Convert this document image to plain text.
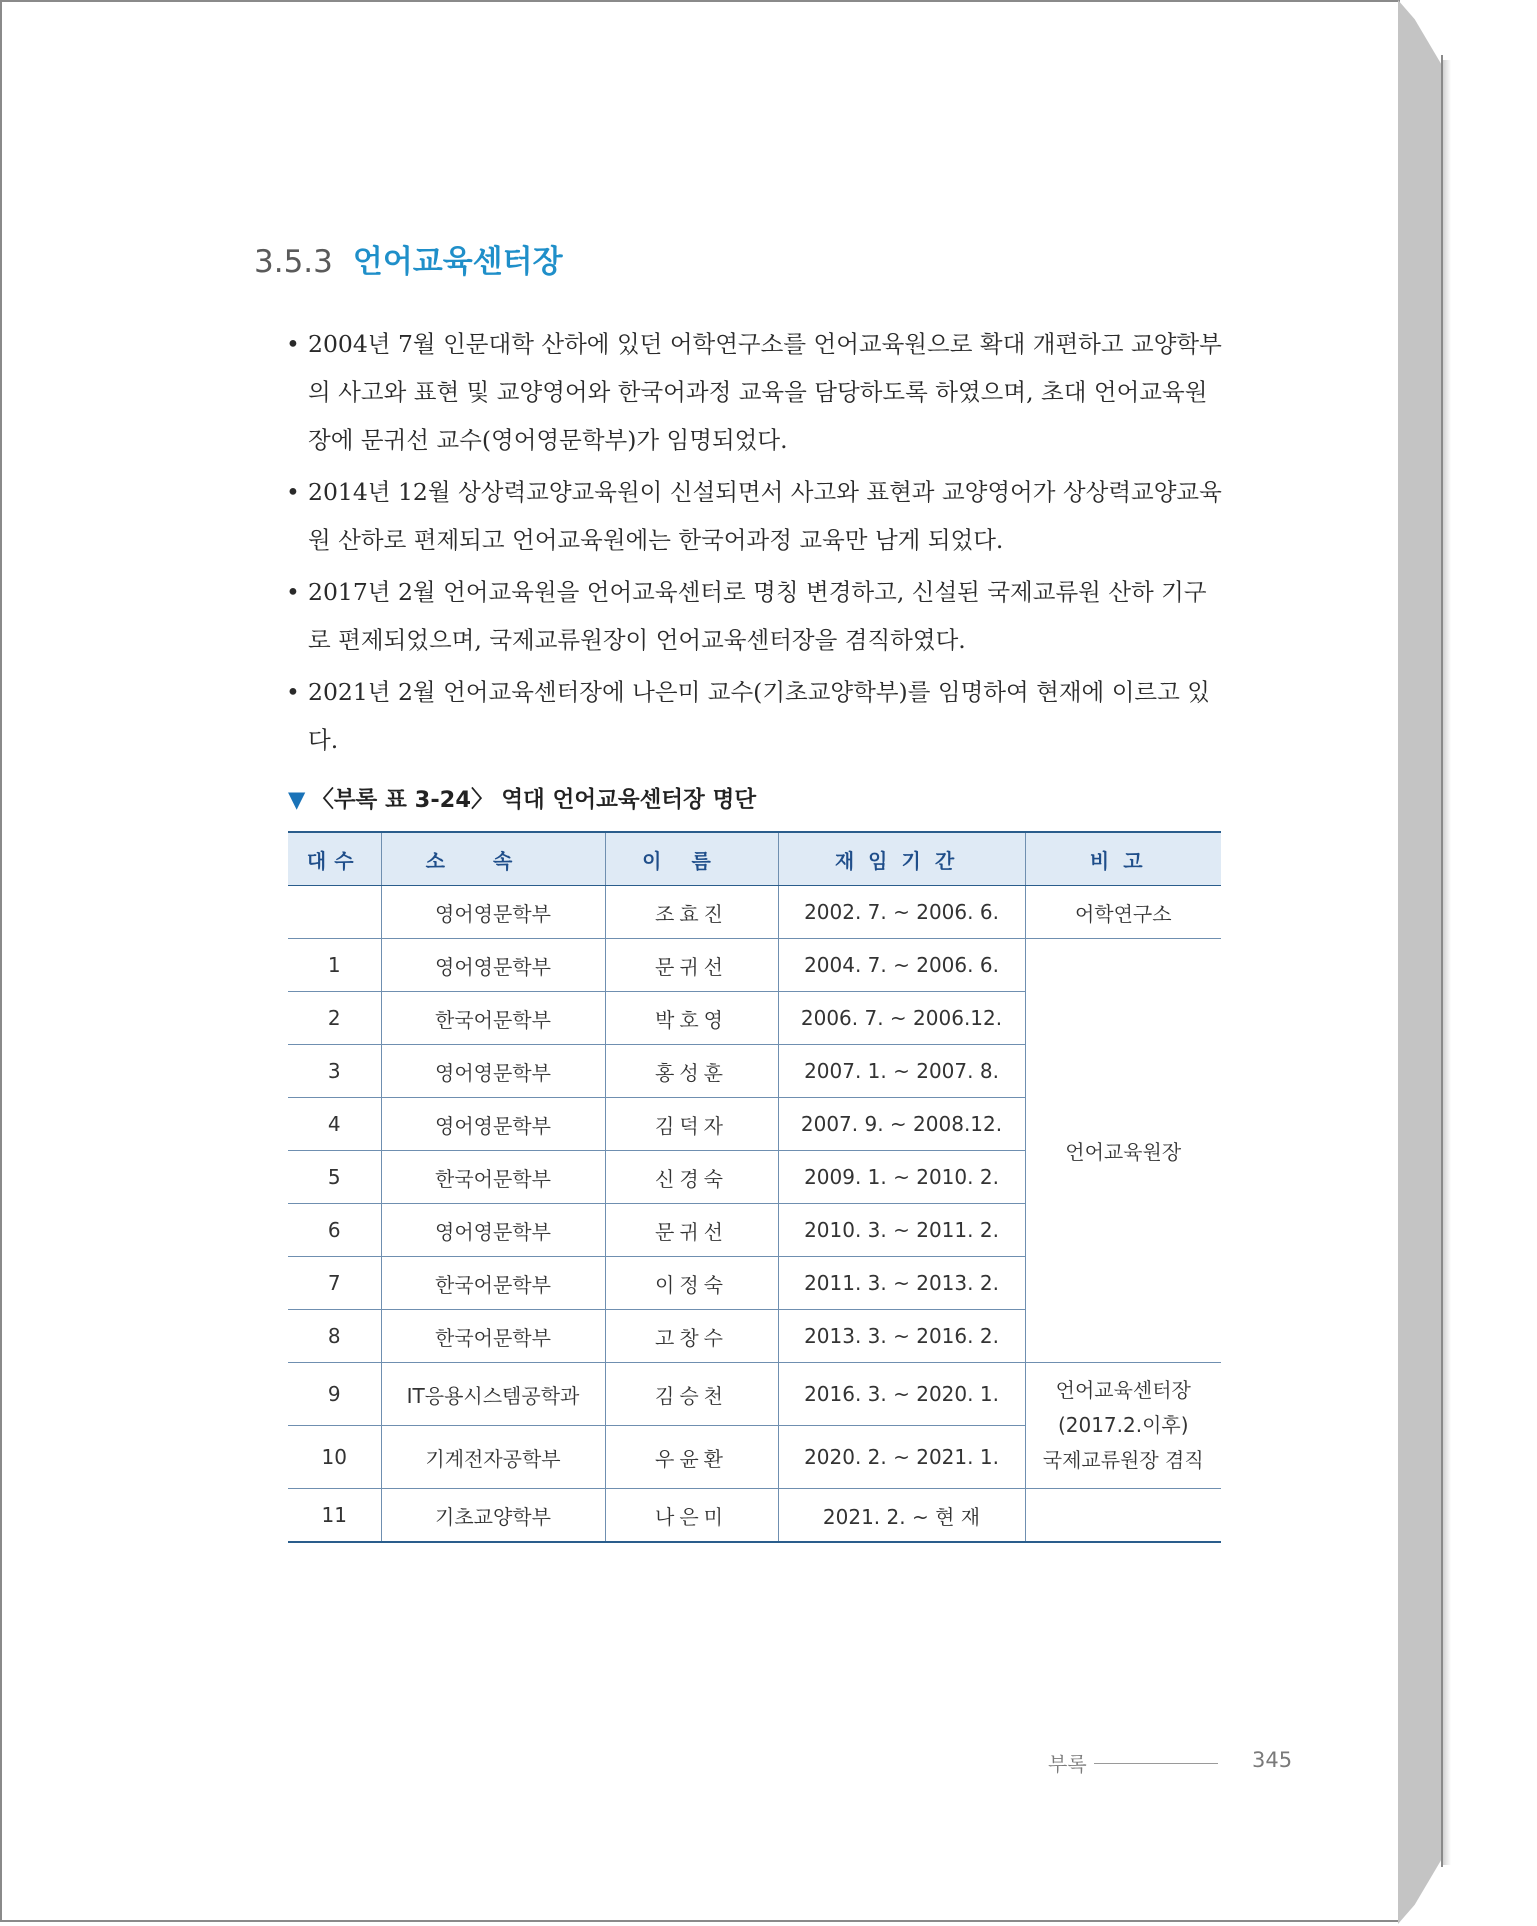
3.5.3 언어교육센터장
• 2004년 7월 인문대학 산하에 있던 어학연구소를 언어교육원으로 확대 개편하고 교양학부의 사고와 표현 및 교양영어와 한국어과정 교육을 담당하도록 하였으며, 초대 언어교육원장에 문귀선 교수(영어영문학부)가 임명되었다.
• 2014년 12월 상상력교양교육원이 신설되면서 사고와 표현과 교양영어가 상상력교양교육원 산하로 편제되고 언어교육원에는 한국어과정 교육만 남게 되었다.
• 2017년 2월 언어교육원을 언어교육센터로 명칭 변경하고, 신설된 국제교류원 산하 기구로 편제되었으며, 국제교류원장이 언어교육센터장을 겸직하였다.
• 2021년 2월 언어교육센터장에 나은미 교수(기초교양학부)를 임명하여 현재에 이르고 있다.
▼ 〈부록 표 3-24〉 역대 언어교육센터장 명단
대수	소속	이름	재임기간	비고
	영어영문학부	조효진	2002. 7. ~ 2006. 6.	어학연구소
1	영어영문학부	문귀선	2004. 7. ~ 2006. 6.	언어교육원장
2	한국어문학부	박호영	2006. 7. ~ 2006.12.	
3	영어영문학부	홍성훈	2007. 1. ~ 2007. 8.	
4	영어영문학부	김덕자	2007. 9. ~ 2008.12.	
5	한국어문학부	신경숙	2009. 1. ~ 2010. 2.	
6	영어영문학부	문귀선	2010. 3. ~ 2011. 2.	
7	한국어문학부	이정숙	2011. 3. ~ 2013. 2.	
8	한국어문학부	고창수	2013. 3. ~ 2016. 2.	
9	IT응용시스템공학과	김승천	2016. 3. ~ 2020. 1.	언어교육센터장
(2017.2.이후)
국제교류원장 겸직

10	기계전자공학부	우윤환	2020. 2. ~ 2021. 1.	
11	기초교양학부	나은미	2021. 2. ~ 현 재	
부록	345
